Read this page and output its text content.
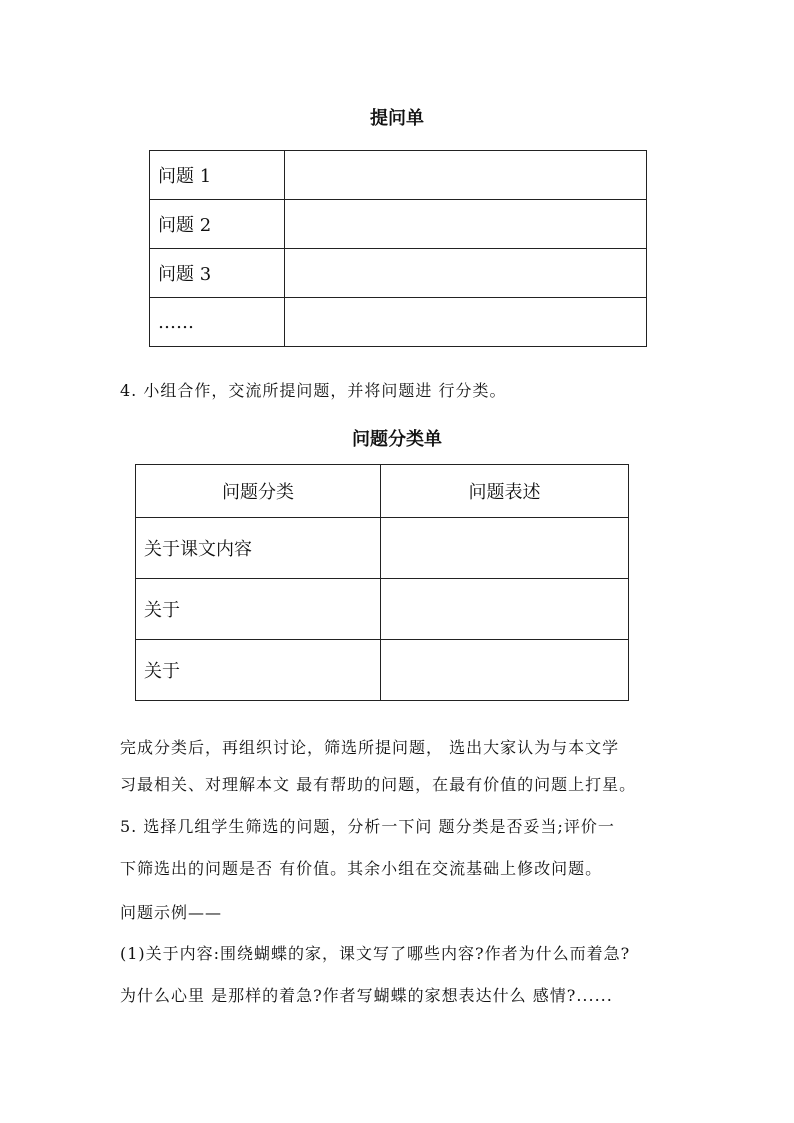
提问单
问题 1	
问题 2	
问题 3	
……	
4. 小组合作，交流所提问题，并将问题进 行分类。
问题分类单
问题分类	问题表述
关于课文内容	
关于	
关于	
完成分类后，再组织讨论，筛选所提问题， 选出大家认为与本文学
习最相关、对理解本文 最有帮助的问题，在最有价值的问题上打星。
5. 选择几组学生筛选的问题，分析一下问 题分类是否妥当;评价一
下筛选出的问题是否 有价值。其余小组在交流基础上修改问题。
问题示例——
(1)关于内容:围绕蝴蝶的家，课文写了哪些内容?作者为什么而着急?
为什么心里 是那样的着急?作者写蝴蝶的家想表达什么 感情?......
